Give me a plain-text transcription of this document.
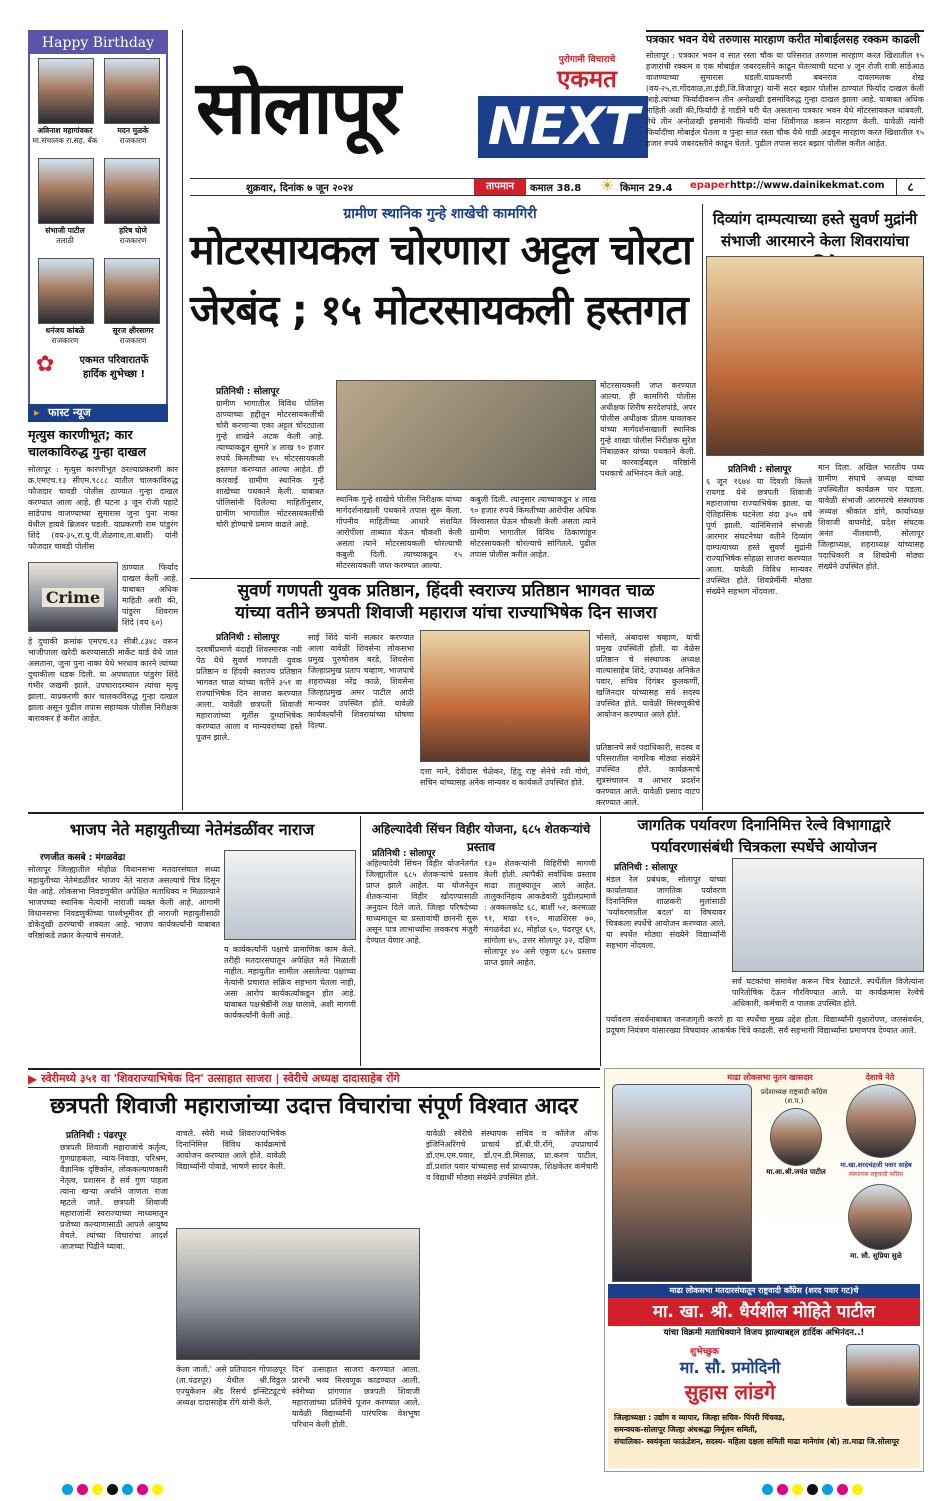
Happy Birthday
अविनाश महागांवकर
मा.संचालक रा.सह. बँक
मदन मुळके
राजकारण
संभाजी पाटील
तलाठी
हरिष घोणे
राजकारण
धनंजय कांबळे
राजकारण
सूरज क्षीरसागर
राजकारण
✿	एकमत परिवारातर्फे
हार्दिक शुभेच्छा !
सोलापूर
पुरोगामी विचाराचे
एकमत
NEXT
शुक्रवार, दिनांक ७ जून २०२४	तापमान	कमाल 38.8	☀ किमान 29.4	epaper http://www.dainikekmat.com	८
पत्रकार भवन येथे तरुणास मारहाण करीत मोबाईलसह रक्कम काढली
सोलापूर : पत्रकार भवन व सात रस्ता चौक या परिसरात तरुणास मारहाण करत खिशातील १५ हजारांची रक्कम व एक मोबाईल जबरदस्तीने काढून घेतल्याची घटना ४ जून रोजी रात्री साडेआठ वाजण्याच्या सुमारास घडली.याप्रकरणी बबनराव दावलमलक शेख (वय-२५,रा.गोंदवाळ,ता.इंडी,जि.विजापूर) यांनी सदर बझार पोलीस ठाण्यात फिर्याद दाखल केली आहे.त्यांच्या फिर्यादीवरून तीन अनोळखी इसमांविरुद्ध गुन्हा दाखल झाला आहे. याबाबत अधिक माहिती अशी की,फिर्यादी हे गाडीने घरी येत असताना पत्रकार भवन येथे मोटरसायकल थांबवली. तेथे तीन अनोळखी इसमांनी फिर्यादी यांना शिवीगाळ करून मारहाण केली. यावेळी त्यांनी फिर्यादीचा मोबाईल घेतला व पुन्हा सात रस्ता चौक येथे गाडी अडवून मारहाण करत खिशातील १५ हजार रुपये जबरदस्तीने काढून घेतले. पुढील तपास सदर बझार पोलीस करीत आहेत.
ग्रामीण स्थानिक गुन्हे शाखेची कामगिरी
मोटरसायकल चोरणारा अट्टल चोरटा
जेरबंद ; १५ मोटरसायकली हस्तगत
प्रतिनिधी : सोलापूर
ग्रामीण भागातील विविध पोलिस ठाण्याच्या हद्दीतून मोटरसायकलींची चोरी करणाऱ्या एका अट्टल चोरट्याला गुन्हे शाखेने अटक केली आहे. त्याच्याकडून सुमारे ४ लाख ९० हजार रुपये किमतीच्या १५ मोटरसायकली हस्तगत करण्यात आल्या आहेत. ही कारवाई ग्रामीण स्थानिक गुन्हे शाखेच्या पथकाने केली. याबाबत पोलिसांनी दिलेल्या माहितीनुसार, ग्रामीण भागातील मोटरसायकलींची चोरी होण्याचे प्रमाण वाढले आहे.
स्थानिक गुन्हे शाखेचे पोलीस निरीक्षक यांच्या मार्गदर्शनाखाली पथकाने तपास सुरू केला. गोपनीय माहितीच्या आधारे संशयित आरोपीला ताब्यात घेऊन चौकशी केली असता त्याने मोटरसायकली चोरल्याची कबुली दिली. त्याच्याकडून १५ मोटरसायकली जप्त करण्यात आल्या.
कबुली दिली. त्यानुसार त्याच्याकडून ४ लाख ९० हजार रुपये किमतीच्या आरोपीस अधिक विश्वासात घेऊन चौकशी केली असता त्याने ग्रामीण भागातील विविध ठिकाणांहून मोटरसायकली चोरल्याचे सांगितले. पुढील तपास पोलीस करीत आहेत.
मोटरसायकली जप्त करण्यात आल्या. ही कामगिरी पोलीस अधीक्षक शिरीष सरदेशपांडे, अपर पोलीस अधीक्षक प्रीतम यावलकर यांच्या मार्गदर्शनाखाली स्थानिक गुन्हे शाखा पोलीस निरीक्षक सुरेश निंबाळकर यांच्या पथकाने केली. या कारवाईबद्दल वरिष्ठांनी पथकाचे अभिनंदन केले आहे.
दिव्यांग दाम्पत्याच्या हस्ते सुवर्ण मुद्रांनी संभाजी आरमारने केला शिवरायांचा
प्रतिनिधी : सोलापूर
६ जून १६७४ या दिवशी किल्ले रायगड येथे छत्रपती शिवाजी महाराजांचा राज्याभिषेक झाला. या ऐतिहासिक घटनेला यंदा ३५० वर्षे पूर्ण झाली. यानिमित्ताने संभाजी आरमार संघटनेच्या वतीने दिव्यांग दाम्पत्याच्या हस्ते सुवर्ण मुद्रांनी राज्याभिषेक सोहळा साजरा करण्यात आला. यावेळी विविध मान्यवर उपस्थित होते. शिवप्रेमींनी मोठ्या संख्येने सहभाग नोंदवला.
मान दिला. अखिल भारतीय पथ्य ग्रामीण संघाचे अध्यक्ष यांच्या उपस्थितीत कार्यक्रम पार पडला. यावेळी संभाजी आरमारचे संस्थापक अध्यक्ष श्रीकांत डांगे, कार्याध्यक्ष शिवाजी वाघमोडे, प्रदेश संघटक अनंत नीलवाणी, सोलापूर जिल्हाध्यक्ष, शहराध्यक्ष यांच्यासह पदाधिकारी व शिवप्रेमी मोठ्या संख्येने उपस्थित होते.
▸ फास्ट न्यूज
मृत्युस कारणीभूत; कार चालकाविरुद्ध गुन्हा दाखल
सोलापूर : मृत्युस कारणीभूत ठरल्याप्रकरणी कार क्र.एमएच.१३ सीएम.९८८८ यातील चालकाविरुद्ध फौजदार चावडी पोलीस ठाण्यात गुन्हा दाखल करण्यात आला आहे. ही घटना ३ जून रोजी पहाटे साडेपाच वाजण्याच्या सुमारास जुना पुना नाका येथील हायवे ब्रिजवर घडली. याप्रकरणी राम पांडुरंग शिंदे (वय-३५,रा.यु.पी.शेळगाव,ता.बार्शी) यांनी फौजदार चावडी पोलीस
Crime
ठाण्यात फिर्याद दाखल केली आहे. याबाबत अधिक माहिती अशी की, पांडुरंग शिवराम शिंदे (वय ६०)
हे दुचाकी क्रमांक एमएच.१३ सीबी.८३४८ वरून भाजीपाला खरेदी करण्यासाठी मार्केट यार्ड येथे जात असताना, जुना पुना नाका येथे भरधाव कारने त्यांच्या दुचाकीला धडक दिली. या अपघातात पांडुरंग शिंदे गंभीर जखमी झाले. उपचारादरम्यान त्यांचा मृत्यू झाला. याप्रकरणी कार चालकाविरुद्ध गुन्हा दाखल झाला असून पुढील तपास सहाय्यक पोलीस निरीक्षक बारावकर हे करीत आहेत.
सुवर्ण गणपती युवक प्रतिष्ठान, हिंदवी स्वराज्य प्रतिष्ठान भागवत चाळ
यांच्या वतीने छत्रपती शिवाजी महाराज यांचा राज्याभिषेक दिन साजरा
प्रतिनिधी : सोलापूर
दरवर्षीप्रमाणे यंदाही शिवस्मारक नवी पेठ येथे सुवर्ण गणपती युवक प्रतिष्ठान व हिंदवी स्वराज्य प्रतिष्ठान भागवत चाळ यांच्या वतीने ३५१ वा राज्याभिषेक दिन साजरा करण्यात आला. यावेळी छत्रपती शिवाजी महाराजांच्या मूर्तीस दुग्धाभिषेक करण्यात आला व मान्यवरांच्या हस्ते पूजन झाले.
साई शिंदे यांनी सत्कार करण्यात आला यावेळी शिवसेना लोकसभा प्रमुख पुरुषोत्तम बरडे, शिवसेना जिल्हाप्रमुख प्रताप चव्हाण, भाजपाचे शहराध्यक्ष नरेंद्र काळे, शिवसेना जिल्हाप्रमुख अमर पाटील आदी मान्यवर उपस्थित होते. यावेळी कार्यकर्त्यांनी शिवरायांच्या घोषणा दिल्या.
दत्ता माने, देवीदास चेळेकर, हिंदू राष्ट्र सेनेचे रवी गोणे, सचिन यांच्यासह अनेक मान्यवर व कार्यकर्ते उपस्थित होते.
भोसले, अंबादास चव्हाण, यांची प्रमुख उपस्थिती होती. या वेळेस प्रतिष्ठान चे संस्थापक अध्यक्ष वाल्यासाहेब शिंदे, उपाध्यक्ष अनिकेत पवार, सचिव दिगंबर कुलकर्णी, खजिनदार यांच्यासह सर्व सदस्य उपस्थित होते. यावेळी मिरवणुकीचे आयोजन करण्यात आले होते.
प्रतिष्ठानचे सर्व पदाधिकारी, सदस्य व परिसरातील नागरिक मोठ्या संख्येने उपस्थित होते. कार्यक्रमाचे सूत्रसंचालन व आभार प्रदर्शन करण्यात आले. यावेळी प्रसाद वाटप करण्यात आले.
भाजप नेते महायुतीच्या नेतेमंडळींवर नाराज
रणजीत कसबे : मंगळवेढा
सोलापूर जिल्ह्यातील मोहोळ विधानसभा मतदारसंघात सध्या महायुतीच्या नेतेमंडळींवर भाजप नेते नाराज असल्याचे चित्र दिसून येत आहे. लोकसभा निवडणुकीत अपेक्षित मताधिक्य न मिळाल्याने भाजपच्या स्थानिक नेत्यांनी नाराजी व्यक्त केली आहे. आगामी विधानसभा निवडणुकीच्या पार्श्वभूमीवर ही नाराजी महायुतीसाठी डोकेदुखी ठरण्याची शक्यता आहे. भाजप कार्यकर्त्यांनी याबाबत वरिष्ठांकडे तक्रार केल्याचे समजते.
य कार्यकर्त्यांनी पक्षाचे प्रामाणिक काम केले. तरीही मतदारसंघातून अपेक्षित मते मिळाली नाहीत. महायुतीत सामील असलेल्या पक्षांच्या नेत्यांनी प्रचारात सक्रिय सहभाग घेतला नाही, असा आरोप कार्यकर्त्यांकडून होत आहे. याबाबत पक्षश्रेष्ठींनी लक्ष घालावे, अशी मागणी कार्यकर्त्यांनी केली आहे.
अहिल्यादेवी सिंचन विहीर योजना, ६८५ शेतकऱ्यांचे प्रस्ताव
प्रतिनिधी : सोलापूर
अहिल्यादेवी सिंचन विहीर योजनेंतर्गत जिल्ह्यातील ६८५ शेतकऱ्यांचे प्रस्ताव प्राप्त झाले आहेत. या योजनेतून शेतकऱ्यांना विहीर खोदण्यासाठी अनुदान दिले जाते. जिल्हा परिषदेच्या माध्यमातून या प्रस्तावांची छाननी सुरू असून पात्र लाभार्थ्यांना लवकरच मंजुरी देण्यात येणार आहे.
१३० शेतकऱ्यांनी विहिरींची मागणी केली होती. त्यापैकी सर्वाधिक प्रस्ताव माढा तालुक्यातून आले आहेत. तालुकानिहाय आकडेवारी पुढीलप्रमाणे : अक्कलकोट ६८, बार्शी ५२, करमाळा ९१, माढा ११०, माळशिरस ७०, मंगळवेढा ४८, मोहोळ ६०, पंढरपूर ६९, सांगोला ४५, उत्तर सोलापूर ३२, दक्षिण सोलापूर ४० असे एकूण ६८५ प्रस्ताव प्राप्त झाले आहेत.
जागतिक पर्यावरण दिनानिमित्त रेल्वे विभागाद्वारे
पर्यावरणासंबंधी चित्रकला स्पर्धेचे आयोजन
प्रतिनिधी : सोलापूर
मंडल रेल प्रबंधक, सोलापूर यांच्या कार्यालयात जागतिक पर्यावरण दिनानिमित्त शाळकरी मुलांसाठी 'पर्यावरणातील बदल' या विषयावर चित्रकला स्पर्धेचे आयोजन करण्यात आले. या स्पर्धेत मोठ्या संख्येने विद्यार्थ्यांनी सहभाग नोंदवला.
सर्व घटकांचा समावेश करून चित्र रेखाटले. स्पर्धेतील विजेत्यांना पारितोषिक देऊन गौरविण्यात आले. या कार्यक्रमास रेल्वेचे अधिकारी, कर्मचारी व पालक उपस्थित होते.
पर्यावरण संवर्धनाबाबत जनजागृती करणे हा या स्पर्धेचा मुख्य उद्देश होता. विद्यार्थ्यांनी वृक्षारोपण, जलसंवर्धन, प्रदूषण नियंत्रण यांसारख्या विषयांवर आकर्षक चित्रे काढली. सर्व सहभागी विद्यार्थ्यांना प्रमाणपत्र देण्यात आले.
▶ स्वेरीमध्ये ३५१ वा 'शिवराज्याभिषेक दिन' उत्साहात साजरा | स्वेरीचे अध्यक्ष दादासाहेब रोंगे
छत्रपती शिवाजी महाराजांच्या उदात्त विचारांचा संपूर्ण विश्वात आदर
प्रतिनिधी : पंढरपूर
छत्रपती शिवाजी महाराजांचे कर्तृत्व, गुणग्राहकता, न्याय-निवाडा, परिश्रम, वैज्ञानिक दृष्टिकोन, लोककल्याणकारी नेतृत्व, प्रशासन हे सर्व गुण पाहता त्यांना खऱ्या अर्थाने जाणता राजा म्हटले जाते. छत्रपती शिवाजी महाराजांनी स्वराज्याच्या माध्यमातून प्रजेच्या कल्याणासाठी आपले आयुष्य वेचले. त्यांच्या विचारांचा आदर्श आजच्या पिढीने घ्यावा.
वाचले. स्वेरी मध्ये शिवराज्याभिषेक दिनानिमित्त विविध कार्यक्रमांचे आयोजन करण्यात आले होते. यावेळी विद्यार्थ्यांनी पोवाडे, भाषणे सादर केली.
केला जातो.' असे प्रतिपादन गोपाळपूर (ता.पंढरपूर) येथील श्री.विठ्ठल एज्युकेशन अँड रिसर्च इन्स्टिट्यूटचे अध्यक्ष दादासाहेब रोंगे यांनी केले.
दिन' उत्साहात साजरा करण्यात आला. प्रारंभी भव्य मिरवणूक काढण्यात आली. स्वेरीच्या प्रांगणात छत्रपती शिवाजी महाराजांच्या प्रतिमेचे पूजन करण्यात आले. यावेळी विद्यार्थ्यांनी पारंपरिक वेशभूषा परिधान केली होती.
यावेळी स्वेरीचे संस्थापक सचिव व कॉलेज ऑफ इंजिनिअरिंगचे प्राचार्य डॉ.बी.पी.रोंगे, उपप्राचार्य डॉ.एम.एम.पवार, डॉ.एन.डी.मिसाळ, प्रा.करण पाटील, डॉ.प्रशांत पवार यांच्यासह सर्व प्राध्यापक, शिक्षकेतर कर्मचारी व विद्यार्थी मोठ्या संख्येने उपस्थित होते.
माढा लोकसभा नूतन खासदार
प्रदेशाध्यक्ष राष्ट्रवादी काँग्रेस (श.प.)
मा.आ.श्री.जयंत पाटील
देशाचे नेते
मा.खा.शरदचंद्रजी पवार साहेब
संस्थापक राष्ट्रवादी काँग्रेस
मा. सौ. सुप्रिया सुळे
माढा लोकसभा मतदारसंघातून राष्ट्रवादी काँग्रेस (शरद पवार गट)चे
मा. खा. श्री. धैर्यशील मोहिते पाटील
यांचा विक्रमी मताधिक्याने विजय झाल्याबद्दल हार्दिक अभिनंदन..!
शुभेच्छुक
मा. सौ. प्रमोदिनी
सुहास लांडगे
जिल्हाध्यक्षा : उद्योग व व्यापार, जिल्हा सचिव- पिंपरी चिंचवड,
समन्वयक-सोलापूर जिल्हा अंधश्रद्धा निर्मूलन समिती,
संचालिका- स्वयंकृता फाऊंडेशन, सदस्य- महिला दक्षता समिती माढा मानेगांव (बो) ता.माढा जि.सोलापूर
